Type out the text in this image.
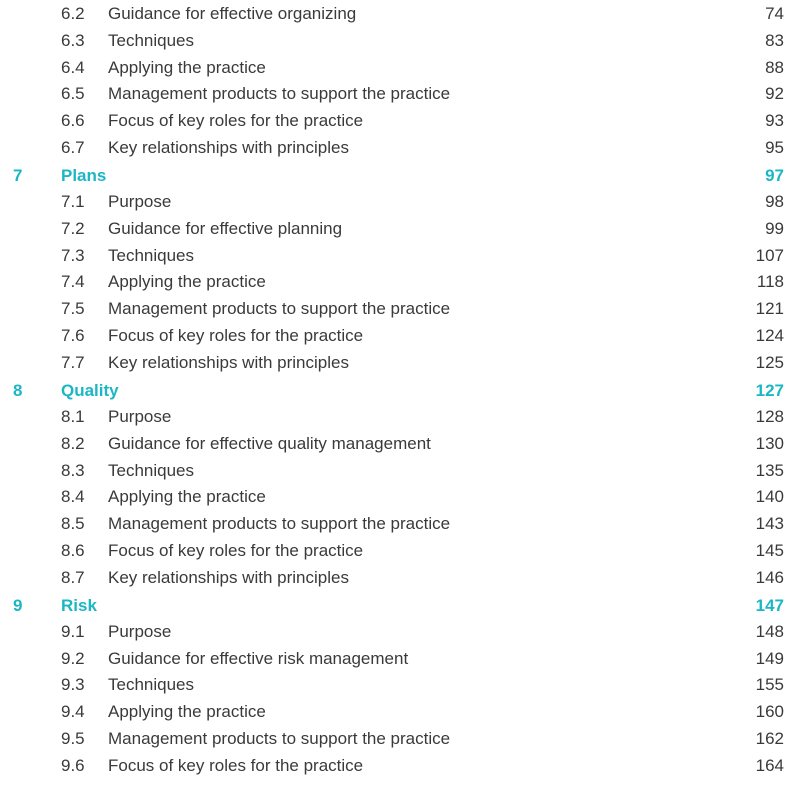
6.2 Guidance for effective organizing	74
6.3 Techniques	83
6.4 Applying the practice	88
6.5 Management products to support the practice	92
6.6 Focus of key roles for the practice	93
6.7 Key relationships with principles	95
7 Plans	97
7.1 Purpose	98
7.2 Guidance for effective planning	99
7.3 Techniques	107
7.4 Applying the practice	118
7.5 Management products to support the practice	121
7.6 Focus of key roles for the practice	124
7.7 Key relationships with principles	125
8 Quality	127
8.1 Purpose	128
8.2 Guidance for effective quality management	130
8.3 Techniques	135
8.4 Applying the practice	140
8.5 Management products to support the practice	143
8.6 Focus of key roles for the practice	145
8.7 Key relationships with principles	146
9 Risk	147
9.1 Purpose	148
9.2 Guidance for effective risk management	149
9.3 Techniques	155
9.4 Applying the practice	160
9.5 Management products to support the practice	162
9.6 Focus of key roles for the practice	164
